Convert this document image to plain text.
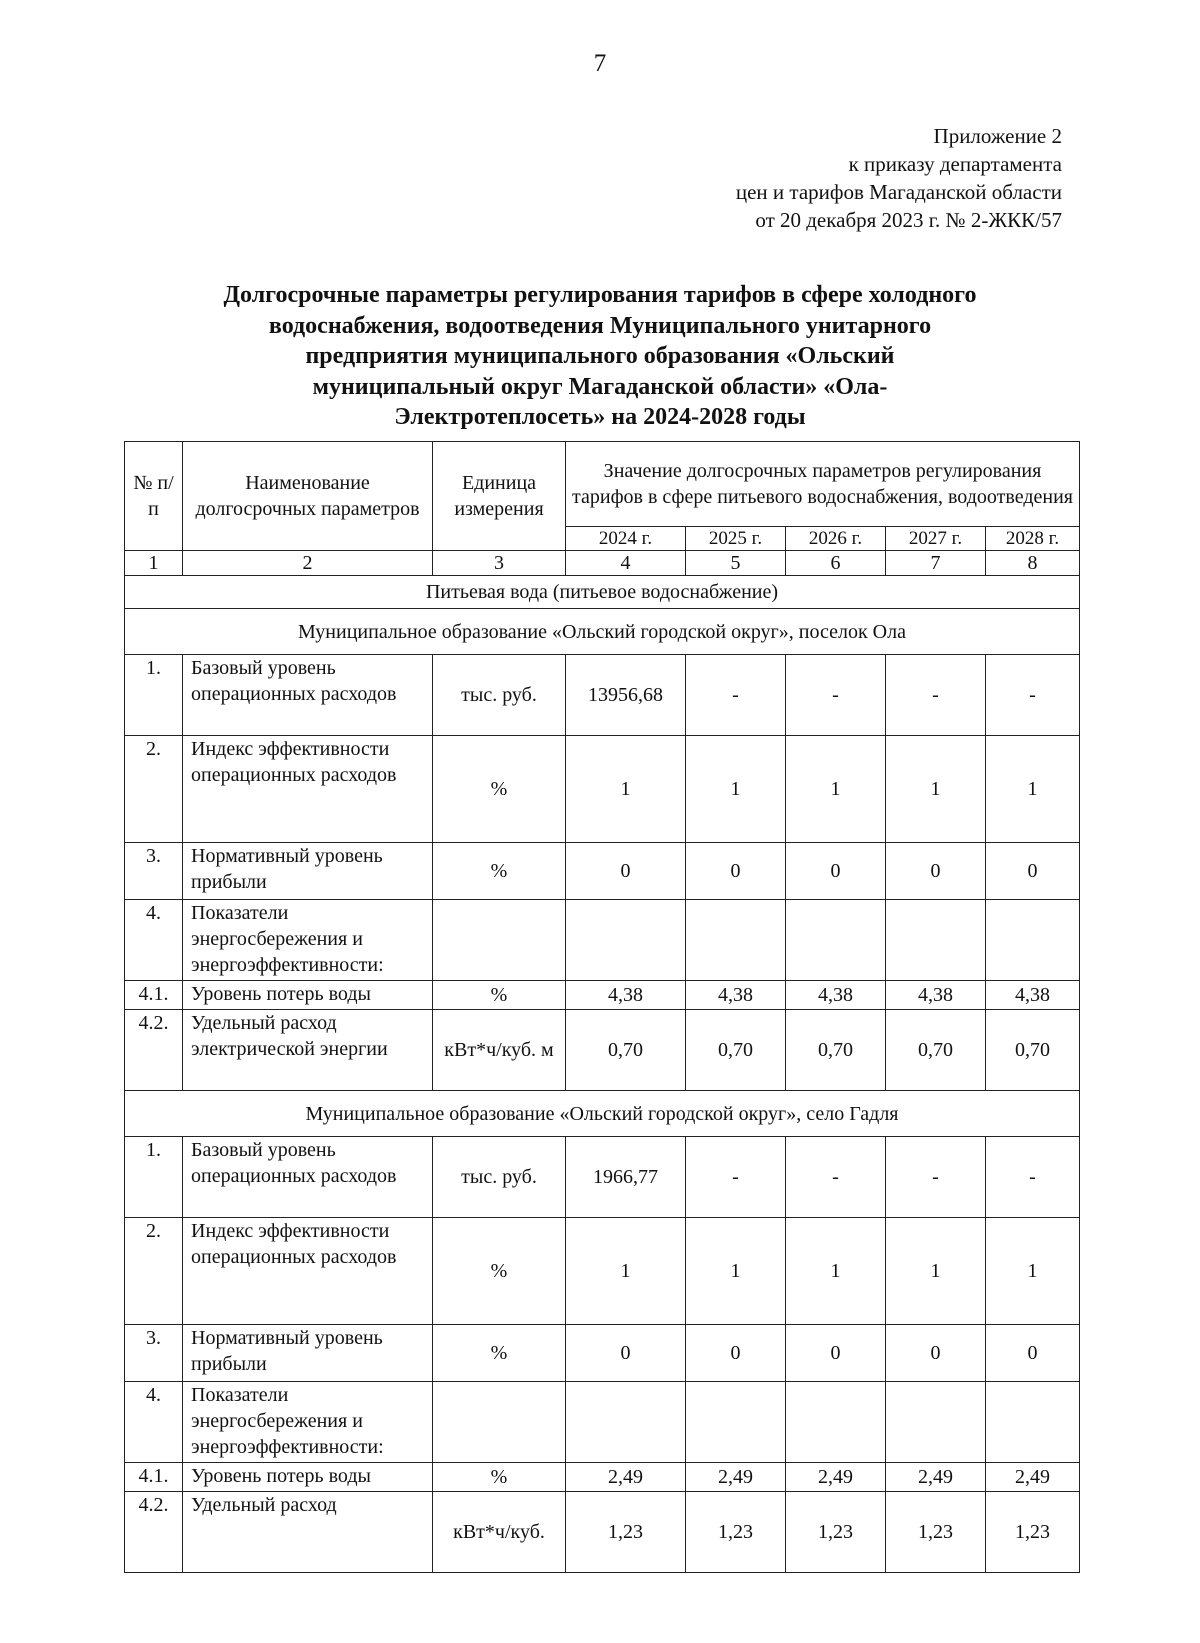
7
Приложение 2
к приказу департамента
цен и тарифов Магаданской области
от 20 декабря 2023 г. № 2-ЖКК/57
Долгосрочные параметры регулирования тарифов в сфере холодного
водоснабжения, водоотведения Муниципального унитарного
предприятия муниципального образования «Ольский
муниципальный округ Магаданской области» «Ола-
Электротеплосеть» на 2024-2028 годы
№ п/п	Наименование долгосрочных параметров	Единица измерения	Значение долгосрочных параметров регулирования тарифов в сфере питьевого водоснабжения, водоотведения				
			2024 г.	2025 г.	2026 г.	2027 г.	2028 г.
1	2	3	4	5	6	7	8
Питьевая вода (питьевое водоснабжение)							
Муниципальное образование «Ольский городской округ», поселок Ола							
1.	Базовый уровень операционных расходов	тыс. руб.	13956,68	-	-	-	-
2.	Индекс эффективности операционных расходов	%	1	1	1	1	1
3.	Нормативный уровень прибыли	%	0	0	0	0	0
4.	Показатели энергосбережения и энергоэффективности:						
4.1.	Уровень потерь воды	%	4,38	4,38	4,38	4,38	4,38
4.2.	Удельный расход электрической энергии	кВт*ч/куб. м	0,70	0,70	0,70	0,70	0,70
Муниципальное образование «Ольский городской округ», село Гадля							
1.	Базовый уровень операционных расходов	тыс. руб.	1966,77	-	-	-	-
2.	Индекс эффективности операционных расходов	%	1	1	1	1	1
3.	Нормативный уровень прибыли	%	0	0	0	0	0
4.	Показатели энергосбережения и энергоэффективности:						
4.1.	Уровень потерь воды	%	2,49	2,49	2,49	2,49	2,49
4.2.	Удельный расход	кВт*ч/куб.	1,23	1,23	1,23	1,23	1,23
